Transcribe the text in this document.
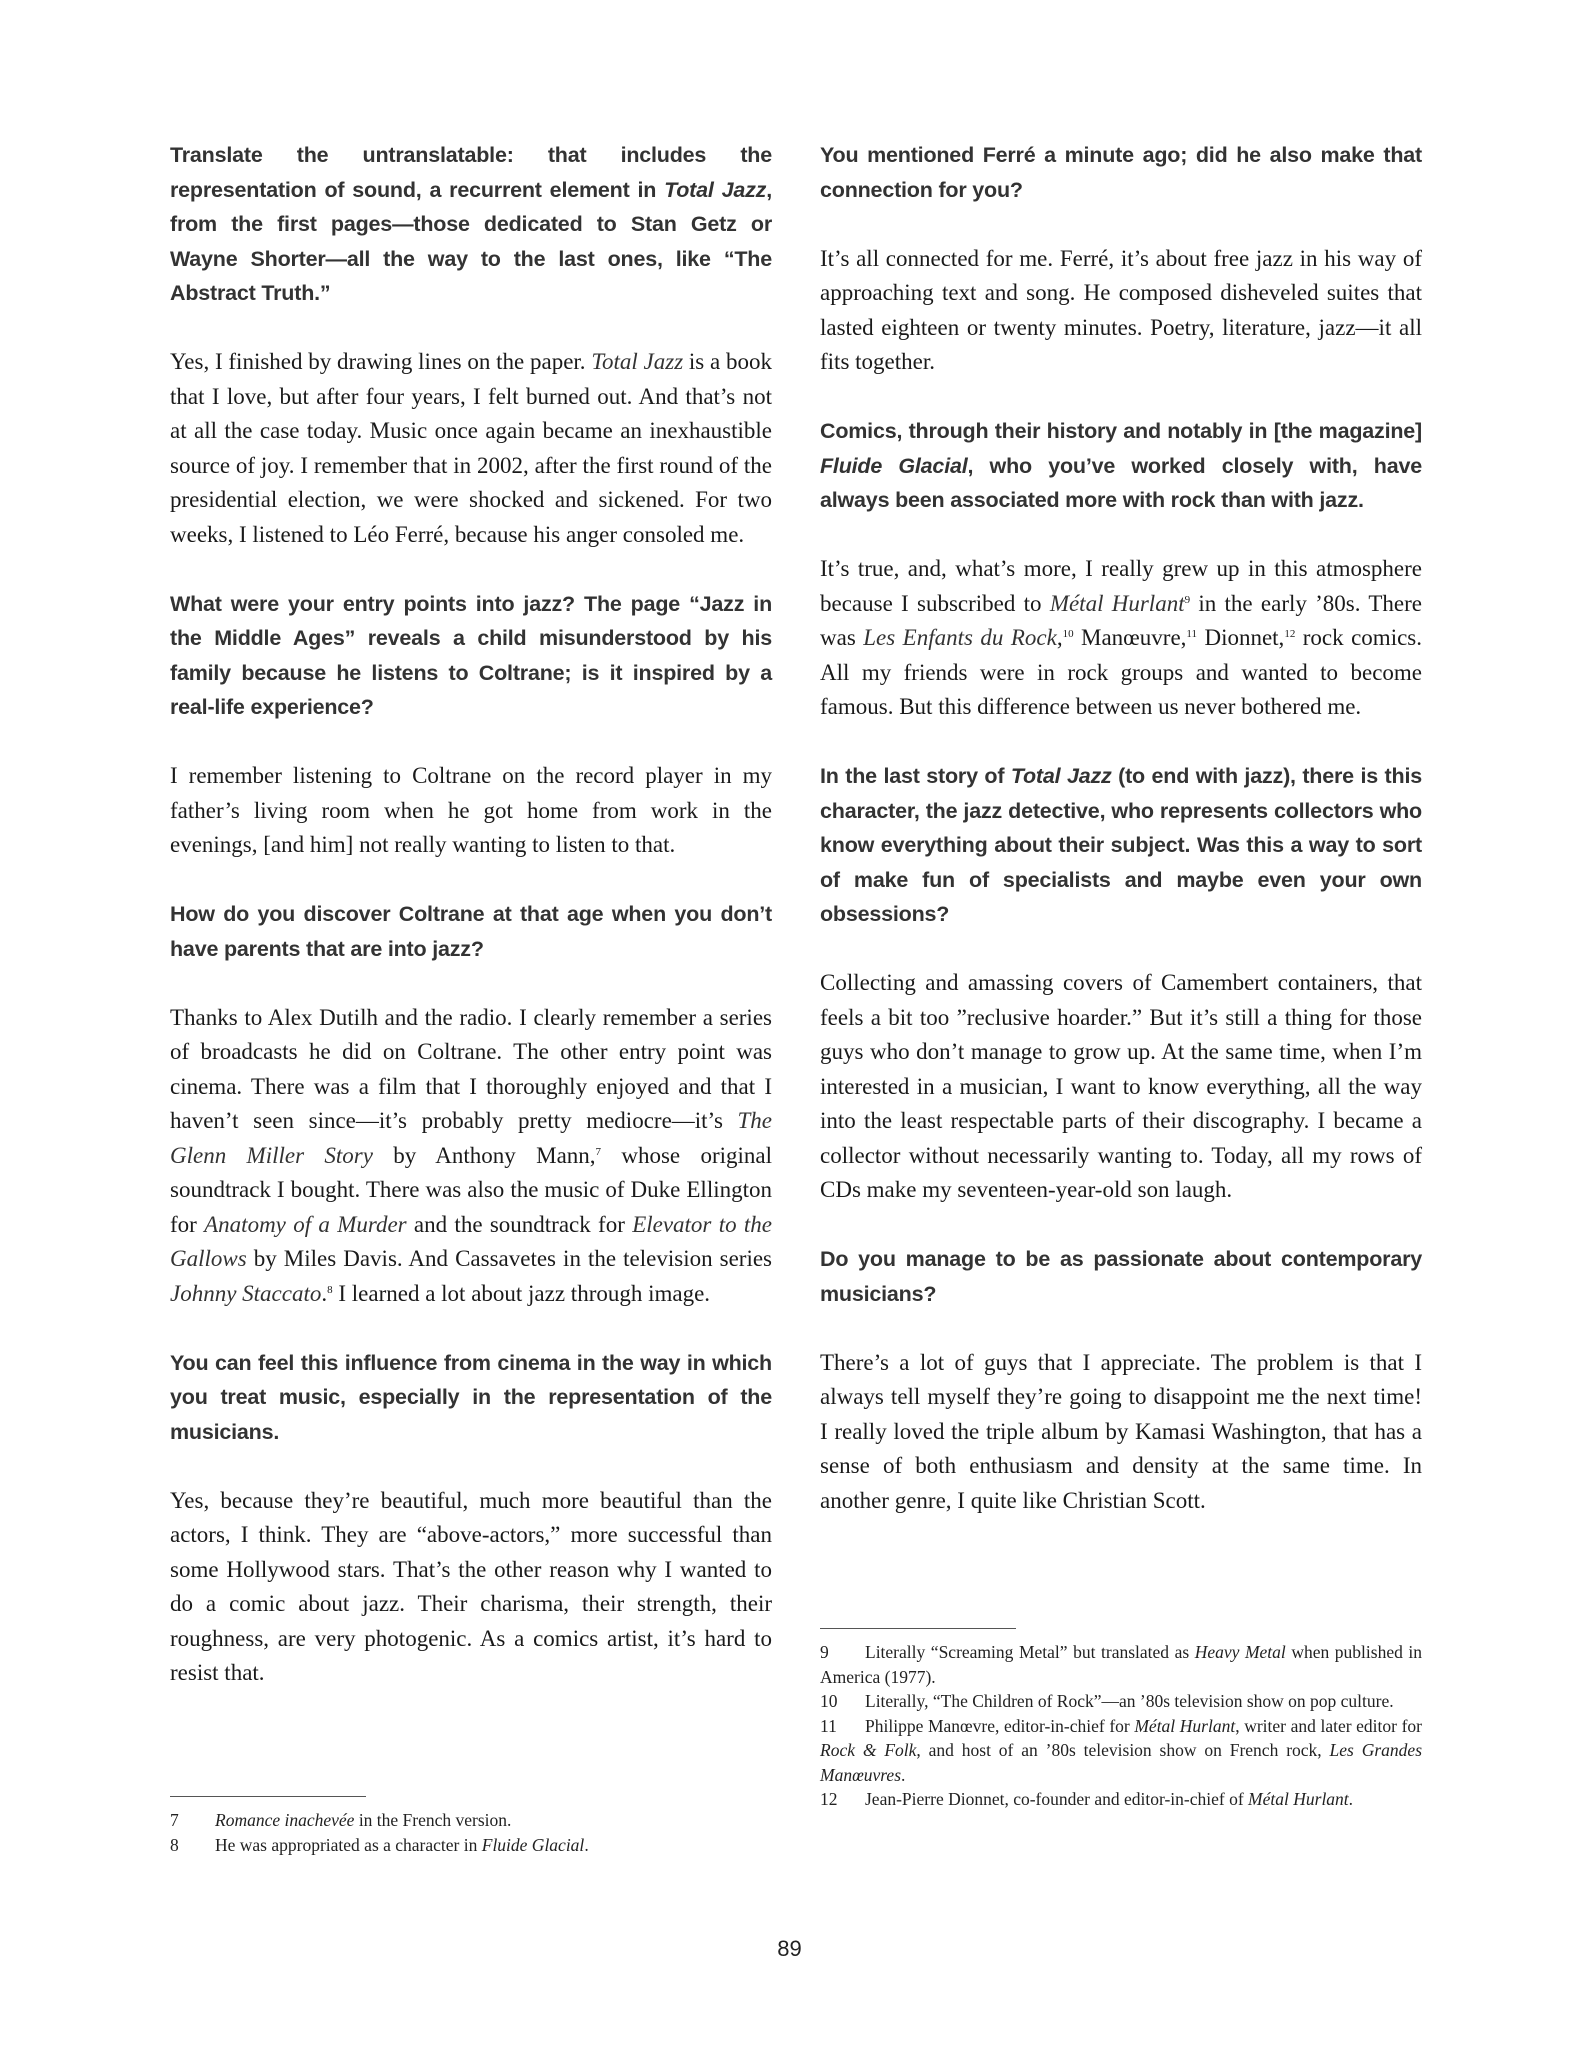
Translate the untranslatable: that includes the representation of sound, a recurrent element in Total Jazz, from the first pages—those dedicated to Stan Getz or Wayne Shorter—all the way to the last ones, like “The Abstract Truth.”

Yes, I finished by drawing lines on the paper. Total Jazz is a book that I love, but after four years, I felt burned out. And that’s not at all the case today. Music once again became an inexhaustible source of joy. I remember that in 2002, after the first round of the presidential election, we were shocked and sickened. For two weeks, I listened to Léo Ferré, because his anger consoled me.

What were your entry points into jazz? The page “Jazz in the Middle Ages” reveals a child misunderstood by his family because he listens to Coltrane; is it inspired by a real-life experience?

I remember listening to Coltrane on the record player in my father’s living room when he got home from work in the evenings, [and him] not really wanting to listen to that.

How do you discover Coltrane at that age when you don’t have parents that are into jazz?

Thanks to Alex Dutilh and the radio. I clearly remember a series of broadcasts he did on Coltrane. The other entry point was cinema. There was a film that I thoroughly enjoyed and that I haven’t seen since—it’s probably pretty mediocre—it’s The Glenn Miller Story by Anthony Mann,$^7$ whose original soundtrack I bought. There was also the music of Duke Ellington for Anatomy of a Murder and the soundtrack for Elevator to the Gallows by Miles Davis. And Cassavetes in the television series Johnny Staccato.$^8$ I learned a lot about jazz through image.

You can feel this influence from cinema in the way in which you treat music, especially in the representation of the musicians.

Yes, because they’re beautiful, much more beautiful than the actors, I think. They are “above-actors,” more successful than some Hollywood stars. That’s the other reason why I wanted to do a comic about jazz. Their charisma, their strength, their roughness, are very photogenic. As a comics artist, it’s hard to resist that.

You mentioned Ferré a minute ago; did he also make that connection for you?

It’s all connected for me. Ferré, it’s about free jazz in his way of approaching text and song. He composed disheveled suites that lasted eighteen or twenty minutes. Poetry, literature, jazz—it all fits together.

Comics, through their history and notably in [the magazine] Fluide Glacial, who you’ve worked closely with, have always been associated more with rock than with jazz.

It’s true, and, what’s more, I really grew up in this atmosphere because I subscribed to Métal Hurlant$^9$ in the early ’80s. There was Les Enfants du Rock,$^{10}$ Manœuvre,$^{11}$ Dionnet,$^{12}$ rock comics. All my friends were in rock groups and wanted to become famous. But this difference between us never bothered me.

In the last story of Total Jazz (to end with jazz), there is this character, the jazz detective, who represents collectors who know everything about their subject. Was this a way to sort of make fun of specialists and maybe even your own obsessions?

Collecting and amassing covers of Camembert containers, that feels a bit too ”reclusive hoarder.” But it’s still a thing for those guys who don’t manage to grow up. At the same time, when I’m interested in a musician, I want to know everything, all the way into the least respectable parts of their discography. I became a collector without necessarily wanting to. Today, all my rows of CDs make my seventeen-year-old son laugh.

Do you manage to be as passionate about contemporary musicians?

There’s a lot of guys that I appreciate. The problem is that I always tell myself they’re going to disappoint me the next time! I really loved the triple album by Kamasi Washington, that has a sense of both enthusiasm and density at the same time. In another genre, I quite like Christian Scott.

7 Romance inachevée in the French version.

8 He was appropriated as a character in Fluide Glacial.

9 Literally “Screaming Metal” but translated as Heavy Metal when published in America (1977).

10 Literally, “The Children of Rock”—an ’80s television show on pop culture.

11 Philippe Manœvre, editor-in-chief for Métal Hurlant, writer and later editor for Rock & Folk, and host of an ’80s television show on French rock, Les Grandes Manœuvres.

12 Jean-Pierre Dionnet, co-founder and editor-in-chief of Métal Hurlant.

89
